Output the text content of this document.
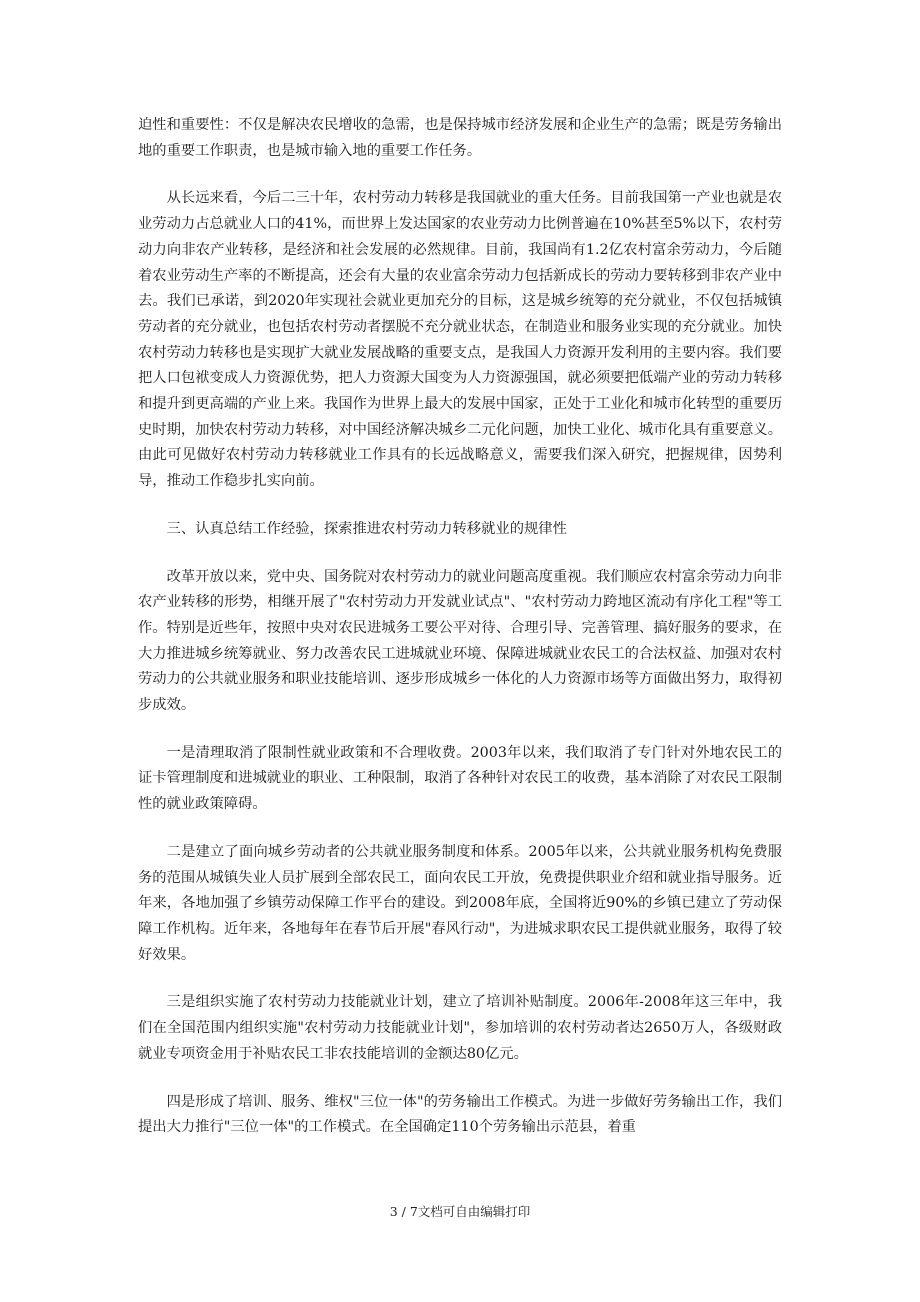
迫性和重要性：不仅是解决农民增收的急需，也是保持城市经济发展和企业生产的急需；既是劳务输出地的重要工作职责，也是城市输入地的重要工作任务。

从长远来看，今后二三十年，农村劳动力转移是我国就业的重大任务。目前我国第一产业也就是农业劳动力占总就业人口的41%，而世界上发达国家的农业劳动力比例普遍在10%甚至5%以下，农村劳动力向非农产业转移，是经济和社会发展的必然规律。目前，我国尚有1.2亿农村富余劳动力，今后随着农业劳动生产率的不断提高，还会有大量的农业富余劳动力包括新成长的劳动力要转移到非农产业中去。我们已承诺，到2020年实现社会就业更加充分的目标，这是城乡统筹的充分就业，不仅包括城镇劳动者的充分就业，也包括农村劳动者摆脱不充分就业状态，在制造业和服务业实现的充分就业。加快农村劳动力转移也是实现扩大就业发展战略的重要支点，是我国人力资源开发利用的主要内容。我们要把人口包袱变成人力资源优势，把人力资源大国变为人力资源强国，就必须要把低端产业的劳动力转移和提升到更高端的产业上来。我国作为世界上最大的发展中国家，正处于工业化和城市化转型的重要历史时期，加快农村劳动力转移，对中国经济解决城乡二元化问题，加快工业化、城市化具有重要意义。由此可见做好农村劳动力转移就业工作具有的长远战略意义，需要我们深入研究，把握规律，因势利导，推动工作稳步扎实向前。

三、认真总结工作经验，探索推进农村劳动力转移就业的规律性

改革开放以来，党中央、国务院对农村劳动力的就业问题高度重视。我们顺应农村富余劳动力向非农产业转移的形势，相继开展了"农村劳动力开发就业试点"、"农村劳动力跨地区流动有序化工程"等工作。特别是近些年，按照中央对农民进城务工要公平对待、合理引导、完善管理、搞好服务的要求，在大力推进城乡统筹就业、努力改善农民工进城就业环境、保障进城就业农民工的合法权益、加强对农村劳动力的公共就业服务和职业技能培训、逐步形成城乡一体化的人力资源市场等方面做出努力，取得初步成效。

一是清理取消了限制性就业政策和不合理收费。2003年以来，我们取消了专门针对外地农民工的证卡管理制度和进城就业的职业、工种限制，取消了各种针对农民工的收费，基本消除了对农民工限制性的就业政策障碍。

二是建立了面向城乡劳动者的公共就业服务制度和体系。2005年以来，公共就业服务机构免费服务的范围从城镇失业人员扩展到全部农民工，面向农民工开放，免费提供职业介绍和就业指导服务。近年来，各地加强了乡镇劳动保障工作平台的建设。到2008年底，全国将近90%的乡镇已建立了劳动保障工作机构。近年来，各地每年在春节后开展"春风行动"，为进城求职农民工提供就业服务，取得了较好效果。

三是组织实施了农村劳动力技能就业计划，建立了培训补贴制度。2006年-2008年这三年中，我们在全国范围内组织实施"农村劳动力技能就业计划"，参加培训的农村劳动者达2650万人，各级财政就业专项资金用于补贴农民工非农技能培训的金额达80亿元。

四是形成了培训、服务、维权"三位一体"的劳务输出工作模式。为进一步做好劳务输出工作，我们提出大力推行"三位一体"的工作模式。在全国确定110个劳务输出示范县，着重

3 / 7文档可自由编辑打印
